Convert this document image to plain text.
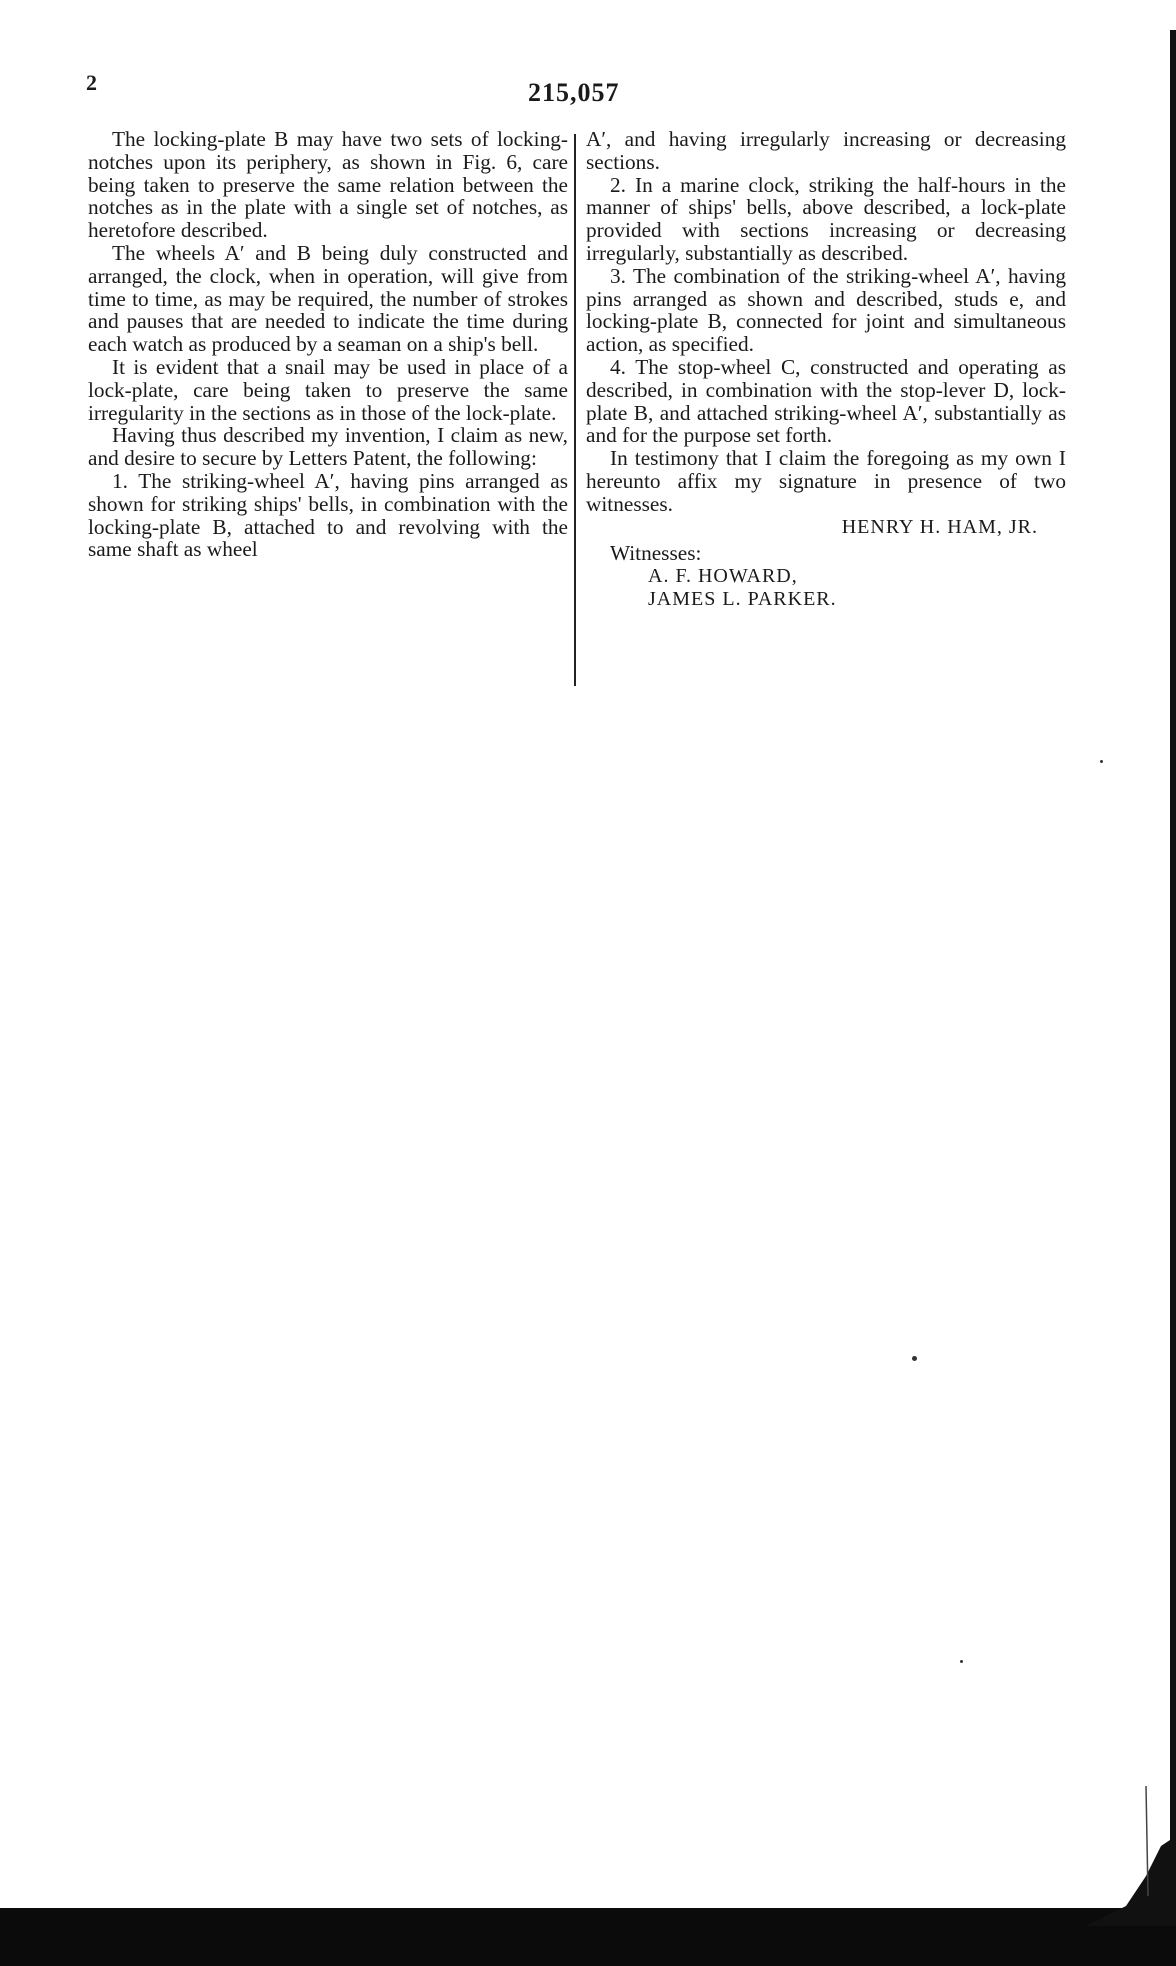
2	215,057

The locking-plate B may have two sets of locking-notches upon its periphery, as shown in Fig. 6, care being taken to preserve the same relation between the notches as in the plate with a single set of notches, as heretofore described.

The wheels A′ and B being duly constructed and arranged, the clock, when in operation, will give from time to time, as may be required, the number of strokes and pauses that are needed to indicate the time during each watch as produced by a seaman on a ship's bell.

It is evident that a snail may be used in place of a lock-plate, care being taken to preserve the same irregularity in the sections as in those of the lock-plate.

Having thus described my invention, I claim as new, and desire to secure by Letters Patent, the following:

1. The striking-wheel A′, having pins arranged as shown for striking ships' bells, in combination with the locking-plate B, attached to and revolving with the same shaft as wheel

A′, and having irregularly increasing or decreasing sections.

2. In a marine clock, striking the half-hours in the manner of ships' bells, above described, a lock-plate provided with sections increasing or decreasing irregularly, substantially as described.

3. The combination of the striking-wheel A′, having pins arranged as shown and described, studs e, and locking-plate B, connected for joint and simultaneous action, as specified.

4. The stop-wheel C, constructed and operating as described, in combination with the stop-lever D, lock-plate B, and attached striking-wheel A′, substantially as and for the purpose set forth.

In testimony that I claim the foregoing as my own I hereunto affix my signature in presence of two witnesses.

HENRY H. HAM, JR.
Witnesses:
A. F. HOWARD,
JAMES L. PARKER.
